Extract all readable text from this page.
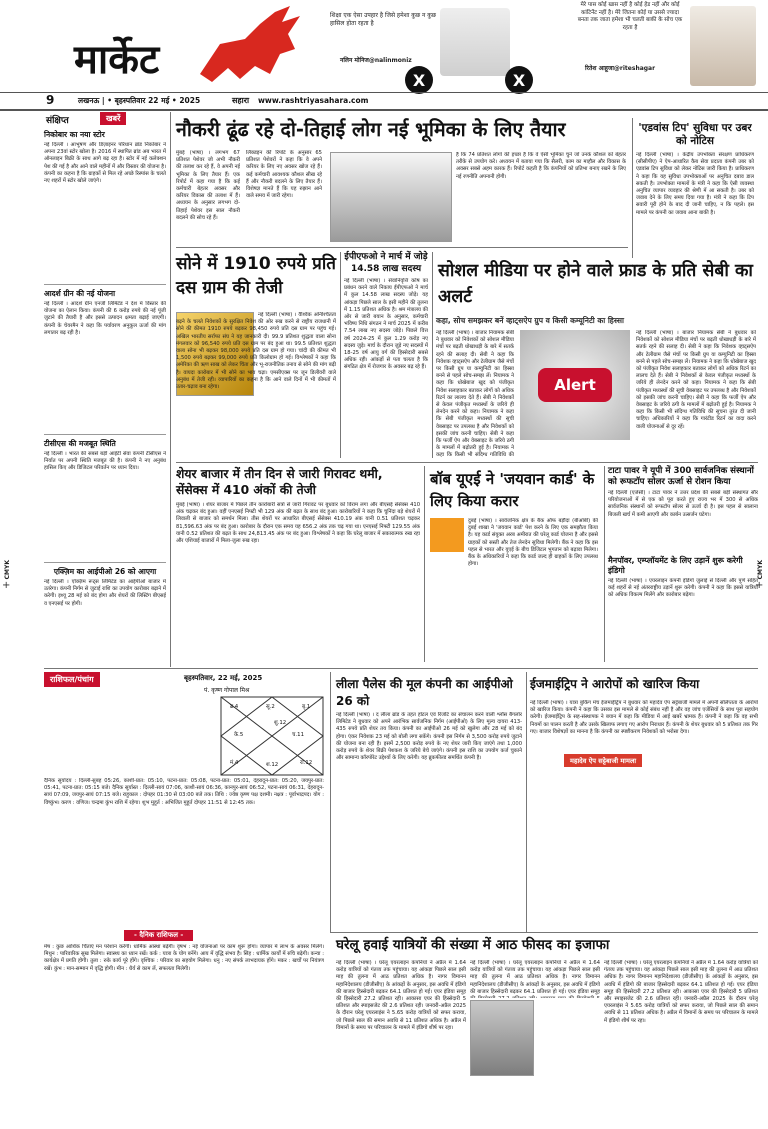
मार्केट
शिक्षा एक ऐसा उपहार है जिसे हमेशा कुछ न कुछ हासिल होता रहता है
नलिन मोनिज@nalinmoniz
मेरे पास कोई खास नहीं है कोई हेड नहीं और कोई कांटिनेंट नहीं है। मेरे जितना कोई या उससे ज्यादा बनता तक जाता हमेशा भी चलती बाकी के सोच एक रहता है
रितेश आहूजा@riteshagar
X	X
9	लखनऊ | • बृहस्पतिवार 22 मई • 2025	सहारा www.rashtriyasahara.com
CMYK	CMYK
+	+
संक्षिप्त	खबरें
निकोबार का नया स्टोर
नई दिल्ली । आभूषण और डिज़ाइनर परिधान ब्रांड निकोबार ने अपना 23वां स्टोर खोला है। 2016 में स्थापित ब्रांड अब भारत में ऑनलाइन बिक्री के साथ आगे बढ़ रहा है। स्टोर में नई कलेक्शन पेश की गई है और आने वाले महीनों में और विस्तार की योजना है। कंपनी का कहना है कि ग्राहकों से मिल रहे अच्छे रिस्पांस के चलते नए शहरों में स्टोर खोले जाएंगे।
आदर्श ग्रीन की नई योजना
नई दिल्ली । आदर्श ग्रीन एनर्जी लिमिटेड ने देश में विस्तार की योजना का ऐलान किया। कंपनी की 6 करोड़ रुपये की नई पूंजी जुटाने की तैयारी है और इससे उत्पादन क्षमता बढ़ाई जाएगी। कंपनी के चेयरमैन ने कहा कि पर्यावरण अनुकूल ऊर्जा की मांग लगातार बढ़ रही है।
टीसीएस की मजबूत स्थिति
नई दिल्ली । भारत की सबसे बड़ी आईटी सेवा कंपनी टीसीएस ने निर्यात पर अपनी स्थिति मजबूत की है। कंपनी ने नए अनुबंध हासिल किए और डिजिटल परिवर्तन पर ध्यान दिया।
एक्ज़िम का आईपीओ 26 को आएगा
नई दिल्ली । एक्ज़िम रूट्स लिमिटेड का आईपीओ बाजार में उतरेगा। कंपनी निर्गम से जुटाई राशि का उपयोग कारोबार बढ़ाने में करेगी। इश्यू 28 मई को बंद होगा और शेयरों की लिस्टिंग बीएसई व एनएसई पर होगी।
नौकरी ढूंढ रहे दो-तिहाई लोग नई भूमिका के लिए तैयार
मुंबई (भाषा) । लगभग 67 प्रतिशत पेशेवर जो अभी नौकरी की तलाश कर रहे हैं, वे अपनी नई भूमिका के लिए तैयार हैं। एक रिपोर्ट में कहा गया है कि कई कर्मचारी बेहतर अवसर और करियर विकास की तलाश में हैं। अध्ययन के अनुसार लगभग दो-तिहाई पेशेवर इस साल नौकरी बदलने की सोच रहे हैं।
लिंक्डइन की रिपोर्ट के अनुसार 65 प्रतिशत पेशेवरों ने कहा कि वे अपने करियर के लिए नए अवसर खोज रहे हैं। कई कर्मचारी आवश्यक कौशल सीख रहे हैं और नौकरी बदलने के लिए तैयार हैं। विशेषज्ञ मानते हैं कि यह रुझान आने वाले समय में जारी रहेगा।
है कि 74 प्रतिशत लोगों की इच्छा है कि वे ऐसी भूमिका चुनें जो उनके कौशल को बेहतर तरीके से उपयोग करे। अध्ययन में बताया गया कि सैलरी, काम का माहौल और विकास के अवसर सबसे अहम कारक हैं। रिपोर्ट कहती है कि कंपनियों को प्रतिभा बनाए रखने के लिए नई रणनीति अपनानी होगी।
'एडवांस टिप' सुविधा पर उबर को नोटिस
नई दिल्ली (भाषा) । केंद्रीय उपभोक्ता संरक्षण प्राधिकरण (सीसीपीए) ने ऐप-आधारित कैब सेवा प्रदाता कंपनी उबर को एडवांस टिप सुविधा को लेकर नोटिस जारी किया है। प्राधिकरण ने कहा कि यह सुविधा उपभोक्ताओं पर अनुचित दबाव डाल सकती है। उपभोक्ता मामलों के मंत्री ने कहा कि ऐसी व्यवस्था अनुचित व्यापार व्यवहार की श्रेणी में आ सकती है। उबर को जवाब देने के लिए समय दिया गया है। मंत्री ने कहा कि टिप सवारी पूरी होने के बाद दी जानी चाहिए, न कि पहले। इस मामले पर कंपनी का जवाब आना बाकी है।
सोने में 1910 रुपये प्रति दस ग्राम की तेजी
नई दिल्ली (भाषा) । वैश्विक अनिश्चितता बढ़ने के चलते निवेशकों के सुरक्षित निवेश की ओर रुख करने से राष्ट्रीय राजधानी में सोने की कीमत 1910 रुपये बढ़कर 98,450 रुपये प्रति दस ग्राम पर पहुंच गई। अखिल भारतीय सर्राफा संघ ने यह जानकारी दी। 99.9 प्रतिशत शुद्धता वाला सोना मंगलवार को 96,540 रुपये प्रति दस ग्राम पर बंद हुआ था। 99.5 प्रतिशत शुद्धता वाला सोना भी बढ़कर 98,000 रुपये प्रति दस ग्राम हो गया। चांदी की कीमत भी 1,500 रुपये बढ़कर 99,000 रुपये प्रति किलोग्राम हो गई। विश्लेषकों ने कहा कि अमेरिका की ऋण साख को लेकर चिंता और भू-राजनीतिक तनाव से सोने की मांग बढ़ी है। वायदा कारोबार में भी सोने का भाव चढ़ा। एमसीएक्स पर जून डिलीवरी वाले अनुबंध में तेजी रही। व्यापारियों का कहना है कि आने वाले दिनों में भी कीमतों में उतार-चढ़ाव बना रहेगा।
ईपीएफओ ने मार्च में जोड़े 14.58 लाख सदस्य
नई दिल्ली (भाषा) । सेवानिवृत्ति कोष का प्रबंधन करने वाले निकाय ईपीएफओ ने मार्च में कुल 14.58 लाख सदस्य जोड़े। यह आंकड़ा पिछले साल के इसी महीने की तुलना में 1.15 प्रतिशत अधिक है। श्रम मंत्रालय की ओर से जारी बयान के अनुसार, कर्मचारी भविष्य निधि संगठन ने मार्च 2025 में करीब 7.54 लाख नए सदस्य जोड़े। पिछले वित्त वर्ष 2024-25 में कुल 1.29 करोड़ नए सदस्य जुड़े। मार्च के दौरान जुड़े नए सदस्यों में 18-25 वर्ष आयु वर्ग की हिस्सेदारी सबसे अधिक रही। आंकड़ों से पता चलता है कि संगठित क्षेत्र में रोजगार के अवसर बढ़ रहे हैं।
सोशल मीडिया पर होने वाले फ्राड के प्रति सेबी का अलर्ट
कहा, सोच समझकर बनें व्हाट्सऐप ग्रुप व किसी कम्यूनिटी का हिस्सा
नई दिल्ली (भाषा) । बाजार नियामक सेबी ने बुधवार को निवेशकों को सोशल मीडिया मंचों पर बढ़ती धोखाधड़ी के बारे में सतर्क रहने की सलाह दी। सेबी ने कहा कि निवेशक व्हाट्सऐप और टेलीग्राम जैसे मंचों पर किसी ग्रुप या कम्युनिटी का हिस्सा बनने से पहले सोच-समझ लें। नियामक ने कहा कि धोखेबाज खुद को पंजीकृत निवेश सलाहकार बताकर लोगों को अधिक रिटर्न का लालच देते हैं। सेबी ने निवेशकों से केवल पंजीकृत मध्यस्थों के जरिये ही लेनदेन करने को कहा। नियामक ने कहा कि सेबी पंजीकृत मध्यस्थों की सूची वेबसाइट पर उपलब्ध है और निवेशकों को इसकी जांच करनी चाहिए। सेबी ने कहा कि फर्जी ऐप और वेबसाइट के जरिये ठगी के मामलों में बढ़ोतरी हुई है। नियामक ने कहा कि किसी भी संदिग्ध गतिविधि की
Alert
नई दिल्ली (भाषा) । बाजार नियामक सेबी ने बुधवार को निवेशकों को सोशल मीडिया मंचों पर बढ़ती धोखाधड़ी के बारे में सतर्क रहने की सलाह दी। सेबी ने कहा कि निवेशक व्हाट्सऐप और टेलीग्राम जैसे मंचों पर किसी ग्रुप या कम्युनिटी का हिस्सा बनने से पहले सोच-समझ लें। नियामक ने कहा कि धोखेबाज खुद को पंजीकृत निवेश सलाहकार बताकर लोगों को अधिक रिटर्न का लालच देते हैं। सेबी ने निवेशकों से केवल पंजीकृत मध्यस्थों के जरिये ही लेनदेन करने को कहा। नियामक ने कहा कि सेबी पंजीकृत मध्यस्थों की सूची वेबसाइट पर उपलब्ध है और निवेशकों को इसकी जांच करनी चाहिए। सेबी ने कहा कि फर्जी ऐप और वेबसाइट के जरिये ठगी के मामलों में बढ़ोतरी हुई है। नियामक ने कहा कि किसी भी संदिग्ध गतिविधि की सूचना तुरंत दी जानी चाहिए। अधिकारियों ने कहा कि गारंटीड रिटर्न का वादा करने वाली योजनाओं से दूर रहें।
शेयर बाजार में तीन दिन से जारी गिरावट थमी, सेंसेक्स में 410 अंकों की तेजी
मुंबई (भाषा) । शेयर बाजार में पिछले तीन कारोबारी सत्रों से जारी गिरावट पर बुधवार को विराम लगा और बीएसई सेंसेक्स 410 अंक चढ़कर बंद हुआ। वहीं एनएसई निफ्टी भी 129 अंक की बढ़त के साथ बंद हुआ। कारोबारियों ने कहा कि चुनिंदा बड़े शेयरों में लिवाली से बाजार को समर्थन मिला। तीस शेयरों पर आधारित बीएसई सेंसेक्स 410.19 अंक यानी 0.51 प्रतिशत चढ़कर 81,596.63 अंक पर बंद हुआ। कारोबार के दौरान एक समय यह 656.2 अंक तक चढ़ गया था। एनएसई निफ्टी 129.55 अंक यानी 0.52 प्रतिशत की बढ़त के साथ 24,813.45 अंक पर बंद हुआ। विश्लेषकों ने कहा कि घरेलू बाजार में सकारात्मक रुख रहा और एशियाई बाजारों में मिला-जुला रुख रहा।
बॉब यूएई ने 'जयवान कार्ड' के लिए किया करार
दुबई (भाषा) । सार्वजनिक क्षेत्र के बैंक ऑफ बड़ौदा (बीओबी) की दुबई शाखा ने 'जयवान कार्ड' पेश करने के लिए एक समझौता किया है। यह कार्ड संयुक्त अरब अमीरात की घरेलू कार्ड योजना है और इससे ग्राहकों को सस्ती और तेज लेनदेन सुविधा मिलेगी। बैंक ने कहा कि इस पहल से भारत और यूएई के बीच डिजिटल भुगतान को बढ़ावा मिलेगा। बैंक के अधिकारियों ने कहा कि कार्ड जल्द ही ग्राहकों के लिए उपलब्ध होगा।
टाटा पावर ने यूपी में 300 सार्वजनिक संस्थानों को रूफटॉप सोलर ऊर्जा से रोशन किया
नई दिल्ली (एजेंसी) । टाटा पावर ने उत्तर प्रदेश की सबसे बड़ी संस्थागत सौर परियोजनाओं में से एक को पूरा करते हुए राज्य भर में 300 से अधिक सार्वजनिक संस्थानों को रूफटॉप सोलर से ऊर्जा दी है। इस पहल से सालाना बिजली खर्च में कमी आएगी और कार्बन उत्सर्जन घटेगा।
मैनपॉवर, एम्प्लॉयमेंट के लिए उड़ानें शुरू करेगी इंडिगो
नई दिल्ली (भाषा) । एयरलाइन कंपनी इंडिगो जुलाई से दिल्ली और पुणे सहित कई शहरों से नई अंतरराष्ट्रीय उड़ानें शुरू करेगी। कंपनी ने कहा कि इससे यात्रियों को अधिक विकल्प मिलेंगे और कारोबार बढ़ेगा।
राशिफल/पंचांग	बृहस्पतिवार, 22 मई, 2025
पं. कृष्ण गोपाल मिश्र
ब्र.4	सू.2
के.5
बृ.1
च.11
मं.4	श.12	रा.12
शु.12
दैनिक सूर्योदय : दिल्ली-सुबह 05:26, काशी-प्रात: 05:10, पटना-प्रात: 05:08, पटना-प्रात: 05:01, देहरादून-प्रात: 05:20, जयपुर-प्रात: 05:41, पटना-प्रात: 05:15 बजे। दैनिक सूर्यास्त : दिल्ली-सायं 07:06, काशी-सायं 06:36, कानपुर-सायं 06:52, पटना-सायं 06:31, देहरादून-सायं 07:09, जयपुर-सायं 07:15 बजे। राहुकाल : दोपहर 01:30 से 03:00 बजे तक। तिथि : ज्येष्ठ कृष्ण पक्ष दशमी। नक्षत्र : पूर्वाभाद्रपद। योग : विष्कुंभ। करण : वणिज। चन्द्रमा कुंभ राशि में रहेगा। शुभ मुहूर्त : अभिजित मुहूर्त दोपहर 11:51 से 12:45 तक।
- दैनिक राशिफल -
मेष : कुछ आर्थिक चिंताएं मन परेशान करेंगी। धार्मिक आस्था बढ़ेगी। वृषभ : नई योजनाओं पर काम शुरू होगा। व्यापार में लाभ के अवसर मिलेंगे। मिथुन : पारिवारिक सुख मिलेगा। स्वास्थ्य का ध्यान रखें। कर्क : यात्रा के योग बनेंगे। आय में वृद्धि संभव है। सिंह : धार्मिक कार्यों में रुचि बढ़ेगी। कन्या : कार्यक्षेत्र में प्रगति होगी। तुला : रुके कार्य पूरे होंगे। वृश्चिक : परिवार का सहयोग मिलेगा। धनु : नए संपर्क लाभदायक होंगे। मकर : खर्चों पर नियंत्रण रखें। कुंभ : मान-सम्मान में वृद्धि होगी। मीन : धैर्य से काम लें, सफलता मिलेगी।
लीला पैलेस की मूल कंपनी का आईपीओ 26 को
नई दिल्ली (भाषा) । द लीला ब्रांड के तहत होटल एवं रिजॉर्ट का संचालन करने वाली श्लॉस बैंगलोर लिमिटेड ने बुधवार को अपने आरंभिक सार्वजनिक निर्गम (आईपीओ) के लिए मूल्य दायरा 413-435 रुपये प्रति शेयर तय किया। कंपनी का आईपीओ 26 मई को खुलेगा और 28 मई को बंद होगा। एंकर निवेशक 23 मई को बोली लगा सकेंगे। कंपनी इस निर्गम से 3,500 करोड़ रुपये जुटाने की योजना बना रही है। इसमें 2,500 करोड़ रुपये के नए शेयर जारी किए जाएंगे तथा 1,000 करोड़ रुपये के शेयर बिक्री पेशकश के जरिये बेचे जाएंगे। कंपनी इस राशि का उपयोग कर्ज चुकाने और सामान्य कॉरपोरेट उद्देश्यों के लिए करेगी। यह ब्रुकफील्ड समर्थित कंपनी है।
ईजमाईट्रिप ने आरोपों को खारिज किया
नई दिल्ली (भाषा) । यात्रा बुकिंग मंच ईजमाईट्रिप ने बुधवार को महादेव ऐप सट्टेबाजी मामले में अपनी संलिप्तता के आरोपों को खारिज किया। कंपनी ने कहा कि उसका इस मामले से कोई संबंध नहीं है और वह जांच एजेंसियों के साथ पूरा सहयोग करेगी। ईजमाईट्रिप के सह-संस्थापक ने बयान में कहा कि मीडिया में आई खबरें भ्रामक हैं। कंपनी ने कहा कि वह सभी नियमों का पालन करती है और उसके खिलाफ लगाए गए आरोप निराधार हैं। कंपनी के शेयर बुधवार को 5 प्रतिशत तक गिर गए। बाजार विशेषज्ञों का मानना है कि कंपनी का स्पष्टीकरण निवेशकों को भरोसा देगा।
महादेव ऐप सट्टेबाजी मामला
घरेलू हवाई यात्रियों की संख्या में आठ फीसद का इजाफा
नई दिल्ली (भाषा) । घरेलू एयरलाइन कंपनियों ने अप्रैल में 1.64 करोड़ यात्रियों को गंतव्य तक पहुंचाया। यह आंकड़ा पिछले साल इसी माह की तुलना में आठ प्रतिशत अधिक है। नागर विमानन महानिदेशालय (डीजीसीए) के आंकड़ों के अनुसार, इस अवधि में इंडिगो की बाजार हिस्सेदारी बढ़कर 64.1 प्रतिशत हो गई। एयर इंडिया समूह की हिस्सेदारी 27.2 प्रतिशत रही। आकासा एयर की हिस्सेदारी 5 प्रतिशत और स्पाइसजेट की 2.6 प्रतिशत रही। जनवरी-अप्रैल 2025 के दौरान घरेलू एयरलाइंस ने 5.65 करोड़ यात्रियों को सफर कराया, जो पिछले साल की समान अवधि से 11 प्रतिशत अधिक है। अप्रैल में विमानों के समय पर परिचालन के मामले में इंडिगो शीर्ष पर रहा।
नई दिल्ली (भाषा) । घरेलू एयरलाइन कंपनियों ने अप्रैल में 1.64 करोड़ यात्रियों को गंतव्य तक पहुंचाया। यह आंकड़ा पिछले साल इसी माह की तुलना में आठ प्रतिशत अधिक है। नागर विमानन महानिदेशालय (डीजीसीए) के आंकड़ों के अनुसार, इस अवधि में इंडिगो की बाजार हिस्सेदारी बढ़कर 64.1 प्रतिशत हो गई। एयर इंडिया समूह
नई दिल्ली (भाषा) । घरेलू एयरलाइन कंपनियों ने अप्रैल में 1.64 करोड़ यात्रियों को गंतव्य तक पहुंचाया। यह आंकड़ा पिछले साल इसी माह की तुलना में आठ प्रतिशत अधिक है। नागर विमानन महानिदेशालय (डीजीसीए) के आंकड़ों के अनुसार, इस अवधि में इंडिगो की बाजार हिस्सेदारी बढ़कर 64.1 प्रतिशत हो गई। एयर इंडिया समूह की हिस्सेदारी 27.2 प्रतिशत रही। आकासा एयर की हिस्सेदारी 5 प्रतिशत और स्पाइसजेट की 2.6 प्रतिशत रही। जनवरी-अप्रैल 2025 के दौरान घरेलू एयरलाइंस ने 5.65 करोड़ यात्रियों को सफर कराया, जो पिछले साल की समान अवधि से 11 प्रतिशत अधिक है। अप्रैल में विमानों के समय पर परिचालन के मामले में इंडिगो शीर्ष पर रहा।
